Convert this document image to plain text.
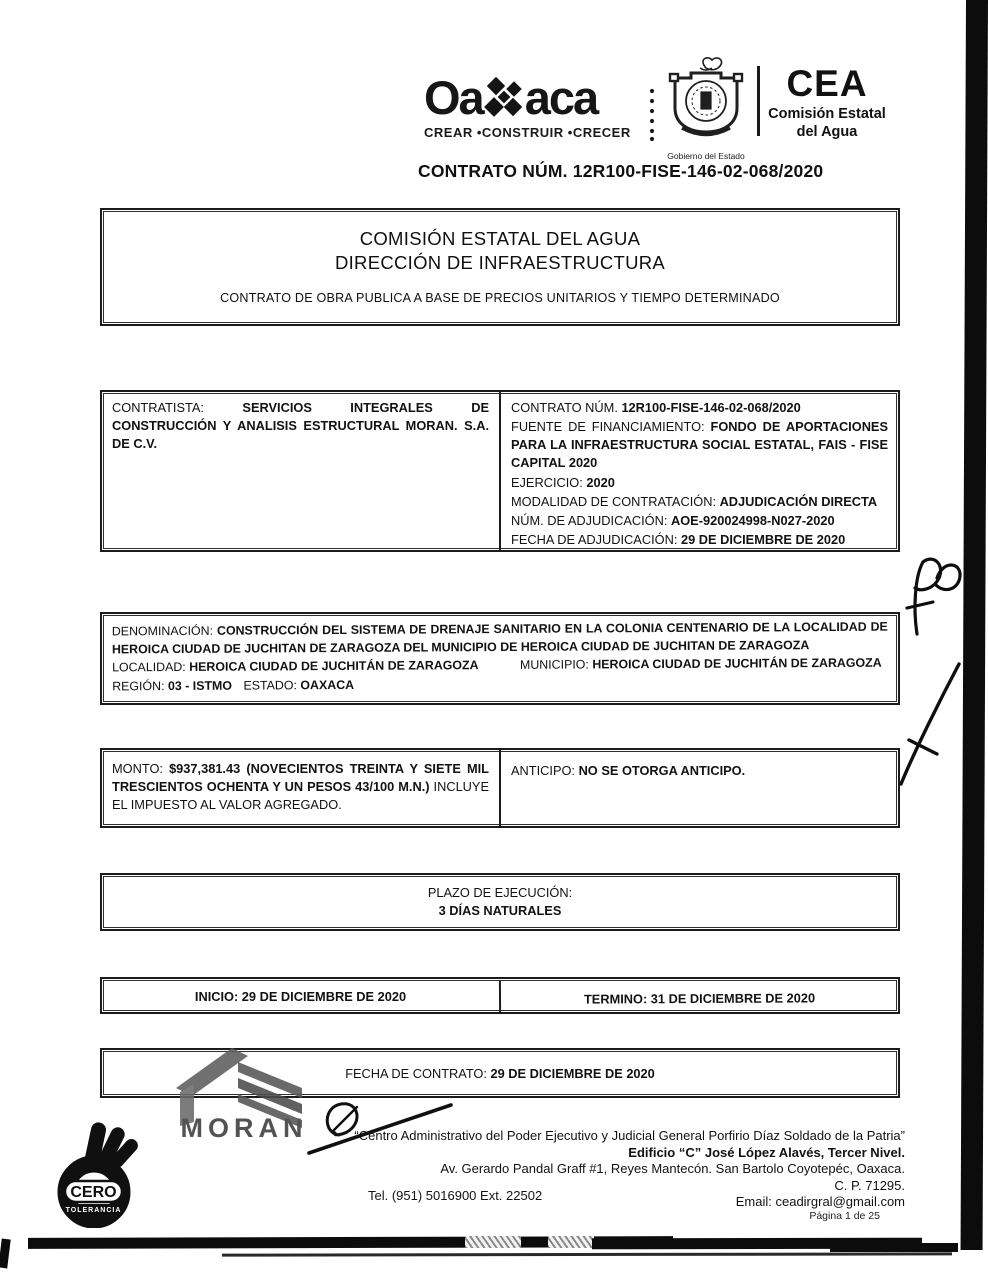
Oa aca
CREAR •CONSTRUIR •CRECER
Gobierno del Estado
CEA
Comisión Estatal
del Agua
CONTRATO NÚM. 12R100-FISE-146-02-068/2020
COMISIÓN ESTATAL DEL AGUA
DIRECCIÓN DE INFRAESTRUCTURA
CONTRATO DE OBRA PUBLICA A BASE DE PRECIOS UNITARIOS Y TIEMPO DETERMINADO

CONTRATISTA:	SERVICIOS INTEGRALES DE CONSTRUCCIÓN Y ANALISIS ESTRUCTURAL MORAN. S.A. DE C.V.

CONTRATO NÚM. 12R100-FISE-146-02-068/2020

FUENTE DE FINANCIAMIENTO: FONDO DE APORTACIONES PARA LA INFRAESTRUCTURA SOCIAL ESTATAL, FAIS - FISE CAPITAL 2020

EJERCICIO: 2020

MODALIDAD DE CONTRATACIÓN: ADJUDICACIÓN DIRECTA

NÚM. DE ADJUDICACIÓN: AOE-920024998-N027-2020

FECHA DE ADJUDICACIÓN: 29 DE DICIEMBRE DE 2020

DENOMINACIÓN: CONSTRUCCIÓN DEL SISTEMA DE DRENAJE SANITARIO EN LA COLONIA CENTENARIO DE LA LOCALIDAD DE HEROICA CIUDAD DE JUCHITAN DE ZARAGOZA DEL MUNICIPIO DE HEROICA CIUDAD DE JUCHITAN DE ZARAGOZA

LOCALIDAD: HEROICA CIUDAD DE JUCHITÁN DE ZARAGOZA	MUNICIPIO: HEROICA CIUDAD DE JUCHITÁN DE ZARAGOZA

REGIÓN: 03 - ISTMO ESTADO: OAXACA

MONTO: $937,381.43 (NOVECIENTOS TREINTA Y SIETE MIL TRESCIENTOS OCHENTA Y UN PESOS 43/100 M.N.) INCLUYE EL IMPUESTO AL VALOR AGREGADO.

ANTICIPO: NO SE OTORGA ANTICIPO.

PLAZO DE EJECUCIÓN:
3 DÍAS NATURALES
INICIO: 29 DE DICIEMBRE DE 2020	TERMINO: 31 DE DICIEMBRE DE 2020
FECHA DE CONTRATO: 29 DE DICIEMBRE DE 2020
MORAN
CERO
TOLERANCIA
“Centro Administrativo del Poder Ejecutivo y Judicial General Porfirio Díaz Soldado de la Patria”
Edificio “C” José López Alavés, Tercer Nivel.
Av. Gerardo Pandal Graff #1, Reyes Mantecón. San Bartolo Coyotepéc, Oaxaca.
C. P. 71295.
Email: ceadirgral@gmail.com
Tel. (951) 5016900 Ext. 22502
Página 1 de 25
